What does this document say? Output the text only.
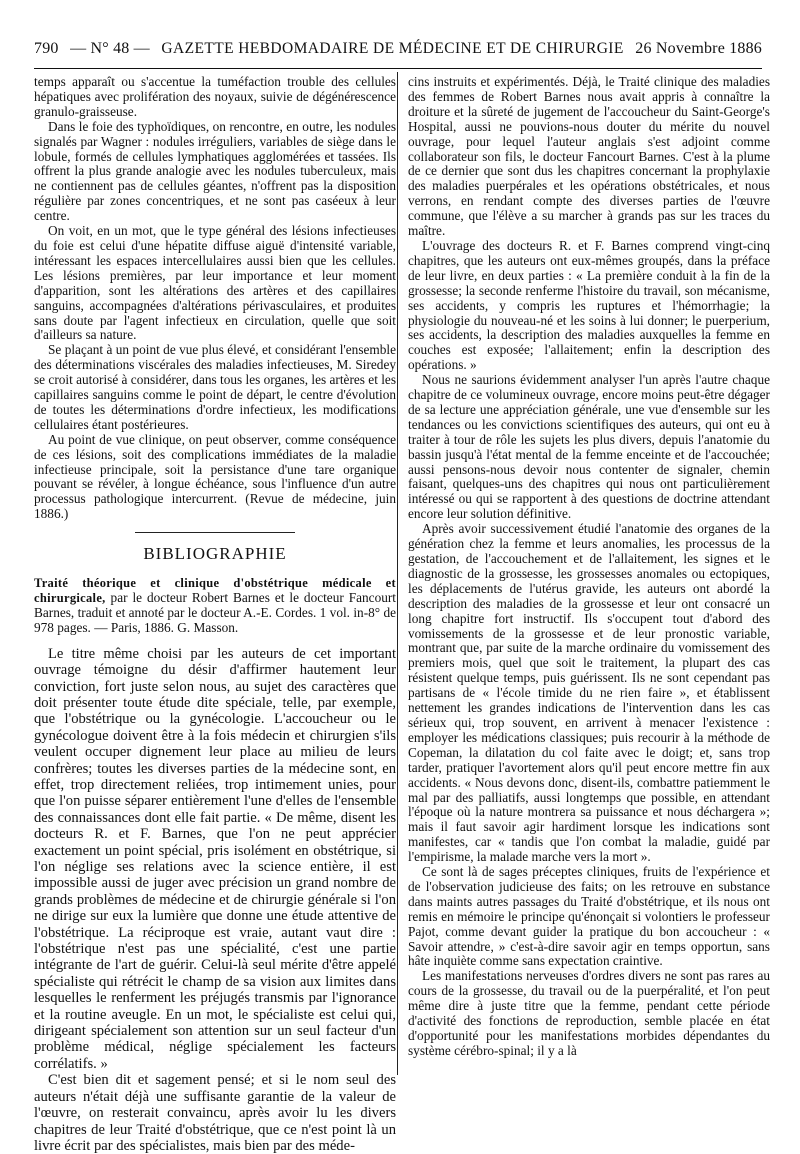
790 — N° 48 — GAZETTE HEBDOMADAIRE DE MÉDECINE ET DE CHIRURGIE 26 Novembre 1886

temps apparaît ou s'accentue la tuméfaction trouble des cellules hépatiques avec prolifération des noyaux, suivie de dégénérescence granulo-graisseuse.

Dans le foie des typhoïdiques, on rencontre, en outre, les nodules signalés par Wagner : nodules irréguliers, variables de siège dans le lobule, formés de cellules lymphatiques agglomérées et tassées. Ils offrent la plus grande analogie avec les nodules tuberculeux, mais ne contiennent pas de cellules géantes, n'offrent pas la disposition régulière par zones concentriques, et ne sont pas caséeux à leur centre.

On voit, en un mot, que le type général des lésions infectieuses du foie est celui d'une hépatite diffuse aiguë d'intensité variable, intéressant les espaces intercellulaires aussi bien que les cellules. Les lésions premières, par leur importance et leur moment d'apparition, sont les altérations des artères et des capillaires sanguins, accompagnées d'altérations périvasculaires, et produites sans doute par l'agent infectieux en circulation, quelle que soit d'ailleurs sa nature.

Se plaçant à un point de vue plus élevé, et considérant l'ensemble des déterminations viscérales des maladies infectieuses, M. Siredey se croit autorisé à considérer, dans tous les organes, les artères et les capillaires sanguins comme le point de départ, le centre d'évolution de toutes les déterminations d'ordre infectieux, les modifications cellulaires étant postérieures.

Au point de vue clinique, on peut observer, comme conséquence de ces lésions, soit des complications immédiates de la maladie infectieuse principale, soit la persistance d'une tare organique pouvant se révéler, à longue échéance, sous l'influence d'un autre processus pathologique intercurrent. (Revue de médecine, juin 1886.)

BIBLIOGRAPHIE

Traité théorique et clinique d'obstétrique médicale et chirurgicale, par le docteur Robert Barnes et le docteur Fancourt Barnes, traduit et annoté par le docteur A.-E. Cordes. 1 vol. in-8° de 978 pages. — Paris, 1886. G. Masson.

Le titre même choisi par les auteurs de cet important ouvrage témoigne du désir d'affirmer hautement leur conviction, fort juste selon nous, au sujet des caractères que doit présenter toute étude dite spéciale, telle, par exemple, que l'obstétrique ou la gynécologie. L'accoucheur ou le gynécologue doivent être à la fois médecin et chirurgien s'ils veulent occuper dignement leur place au milieu de leurs confrères; toutes les diverses parties de la médecine sont, en effet, trop directement reliées, trop intimement unies, pour que l'on puisse séparer entièrement l'une d'elles de l'ensemble des connaissances dont elle fait partie. « De même, disent les docteurs R. et F. Barnes, que l'on ne peut apprécier exactement un point spécial, pris isolément en obstétrique, si l'on néglige ses relations avec la science entière, il est impossible aussi de juger avec précision un grand nombre de grands problèmes de médecine et de chirurgie générale si l'on ne dirige sur eux la lumière que donne une étude attentive de l'obstétrique. La réciproque est vraie, autant vaut dire : l'obstétrique n'est pas une spécialité, c'est une partie intégrante de l'art de guérir. Celui-là seul mérite d'être appelé spécialiste qui rétrécit le champ de sa vision aux limites dans lesquelles le renferment les préjugés transmis par l'ignorance et la routine aveugle. En un mot, le spécialiste est celui qui, dirigeant spécialement son attention sur un seul facteur d'un problème médical, néglige spécialement les facteurs corrélatifs. »

C'est bien dit et sagement pensé; et si le nom seul des auteurs n'était déjà une suffisante garantie de la valeur de l'œuvre, on resterait convaincu, après avoir lu les divers chapitres de leur Traité d'obstétrique, que ce n'est point là un livre écrit par des spécialistes, mais bien par des méde-

cins instruits et expérimentés. Déjà, le Traité clinique des maladies des femmes de Robert Barnes nous avait appris à connaître la droiture et la sûreté de jugement de l'accoucheur du Saint-George's Hospital, aussi ne pouvions-nous douter du mérite du nouvel ouvrage, pour lequel l'auteur anglais s'est adjoint comme collaborateur son fils, le docteur Fancourt Barnes. C'est à la plume de ce dernier que sont dus les chapitres concernant la prophylaxie des maladies puerpérales et les opérations obstétricales, et nous verrons, en rendant compte des diverses parties de l'œuvre commune, que l'élève a su marcher à grands pas sur les traces du maître.

L'ouvrage des docteurs R. et F. Barnes comprend vingt-cinq chapitres, que les auteurs ont eux-mêmes groupés, dans la préface de leur livre, en deux parties : « La première conduit à la fin de la grossesse; la seconde renferme l'histoire du travail, son mécanisme, ses accidents, y compris les ruptures et l'hémorrhagie; la physiologie du nouveau-né et les soins à lui donner; le puerperium, ses accidents, la description des maladies auxquelles la femme en couches est exposée; l'allaitement; enfin la description des opérations. »

Nous ne saurions évidemment analyser l'un après l'autre chaque chapitre de ce volumineux ouvrage, encore moins peut-être dégager de sa lecture une appréciation générale, une vue d'ensemble sur les tendances ou les convictions scientifiques des auteurs, qui ont eu à traiter à tour de rôle les sujets les plus divers, depuis l'anatomie du bassin jusqu'à l'état mental de la femme enceinte et de l'accouchée; aussi pensons-nous devoir nous contenter de signaler, chemin faisant, quelques-uns des chapitres qui nous ont particulièrement intéressé ou qui se rapportent à des questions de doctrine attendant encore leur solution définitive.

Après avoir successivement étudié l'anatomie des organes de la génération chez la femme et leurs anomalies, les processus de la gestation, de l'accouchement et de l'allaitement, les signes et le diagnostic de la grossesse, les grossesses anomales ou ectopiques, les déplacements de l'utérus gravide, les auteurs ont abordé la description des maladies de la grossesse et leur ont consacré un long chapitre fort instructif. Ils s'occupent tout d'abord des vomissements de la grossesse et de leur pronostic variable, montrant que, par suite de la marche ordinaire du vomissement des premiers mois, quel que soit le traitement, la plupart des cas résistent quelque temps, puis guérissent. Ils ne sont cependant pas partisans de « l'école timide du ne rien faire », et établissent nettement les grandes indications de l'intervention dans les cas sérieux qui, trop souvent, en arrivent à menacer l'existence : employer les médications classiques; puis recourir à la méthode de Copeman, la dilatation du col faite avec le doigt; et, sans trop tarder, pratiquer l'avortement alors qu'il peut encore mettre fin aux accidents. « Nous devons donc, disent-ils, combattre patiemment le mal par des palliatifs, aussi longtemps que possible, en attendant l'époque où la nature montrera sa puissance et nous déchargera »; mais il faut savoir agir hardiment lorsque les indications sont manifestes, car « tandis que l'on combat la maladie, guidé par l'empirisme, la malade marche vers la mort ».

Ce sont là de sages préceptes cliniques, fruits de l'expérience et de l'observation judicieuse des faits; on les retrouve en substance dans maints autres passages du Traité d'obstétrique, et ils nous ont remis en mémoire le principe qu'énonçait si volontiers le professeur Pajot, comme devant guider la pratique du bon accoucheur : « Savoir attendre, » c'est-à-dire savoir agir en temps opportun, sans hâte inquiète comme sans expectation craintive.

Les manifestations nerveuses d'ordres divers ne sont pas rares au cours de la grossesse, du travail ou de la puerpéralité, et l'on peut même dire à juste titre que la femme, pendant cette période d'activité des fonctions de reproduction, semble placée en état d'opportunité pour les manifestations morbides dépendantes du système cérébro-spinal; il y a là
